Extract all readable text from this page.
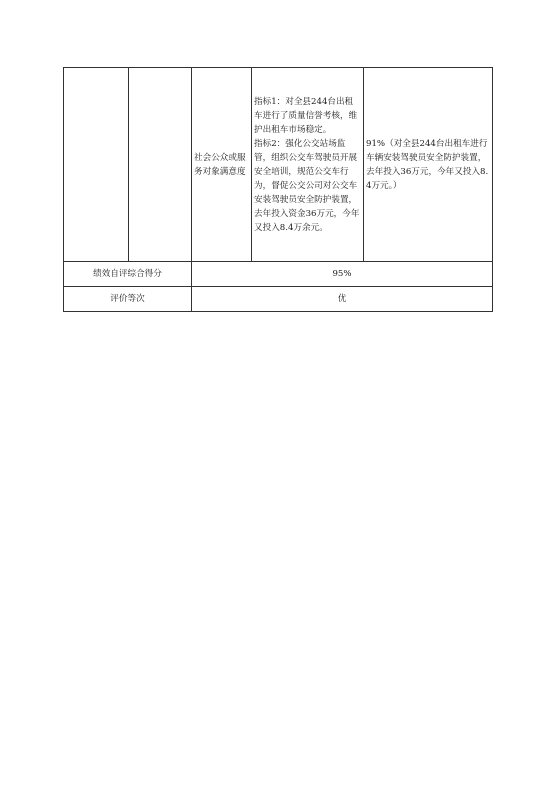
		社会公众或服务对象满意度	指标1：对全县244台出租车进行了质量信誉考核，维护出租车市场稳定。
指标2：强化公交站场监管，组织公交车驾驶员开展安全培训，规范公交车行为，督促公交公司对公交车安装驾驶员安全防护装置，去年投入资金36万元，今年又投入8.4万余元。	91%（对全县244台出租车进行车辆安装驾驶员安全防护装置，去年投入36万元，今年又投入8.4万元。）
绩效自评综合得分		95%		
评价等次		优		
